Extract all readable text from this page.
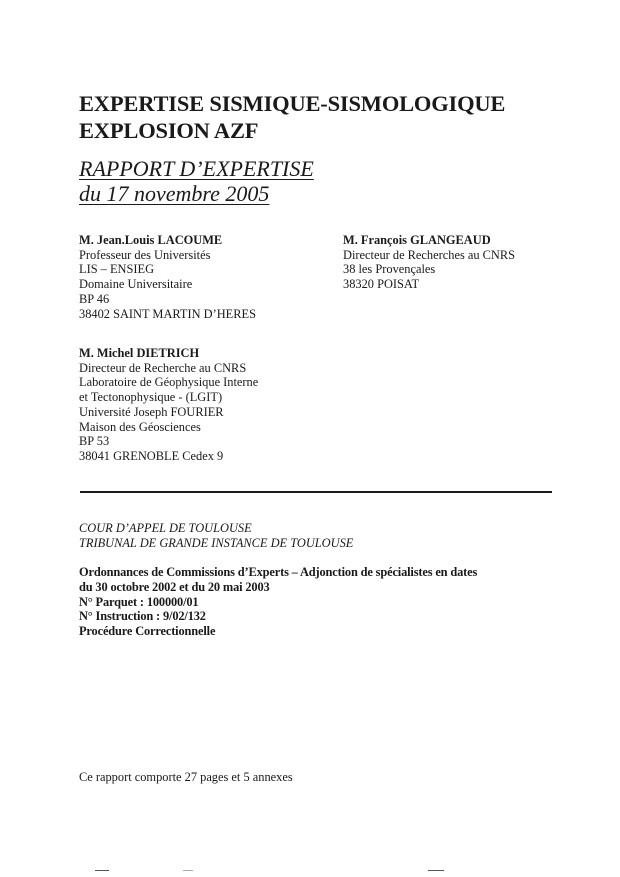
EXPERTISE SISMIQUE-SISMOLOGIQUE
EXPLOSION AZF
RAPPORT D’EXPERTISE
du 17 novembre 2005
M. Jean.Louis LACOUME
Professeur des Universités
LIS – ENSIEG
Domaine Universitaire
BP 46
38402 SAINT MARTIN D’HERES
M. François GLANGEAUD
Directeur de Recherches au CNRS
38 les Provençales
38320 POISAT
M. Michel DIETRICH
Directeur de Recherche au CNRS
Laboratoire de Géophysique Interne
et Tectonophysique - (LGIT)
Université Joseph FOURIER
Maison des Géosciences
BP 53
38041 GRENOBLE Cedex 9
COUR D’APPEL DE TOULOUSE
TRIBUNAL DE GRANDE INSTANCE DE TOULOUSE
Ordonnances de Commissions d’Experts – Adjonction de spécialistes en dates
du 30 octobre 2002 et du 20 mai 2003
N° Parquet : 100000/01
N° Instruction : 9/02/132
Procédure Correctionnelle
Ce rapport comporte 27 pages et 5 annexes
